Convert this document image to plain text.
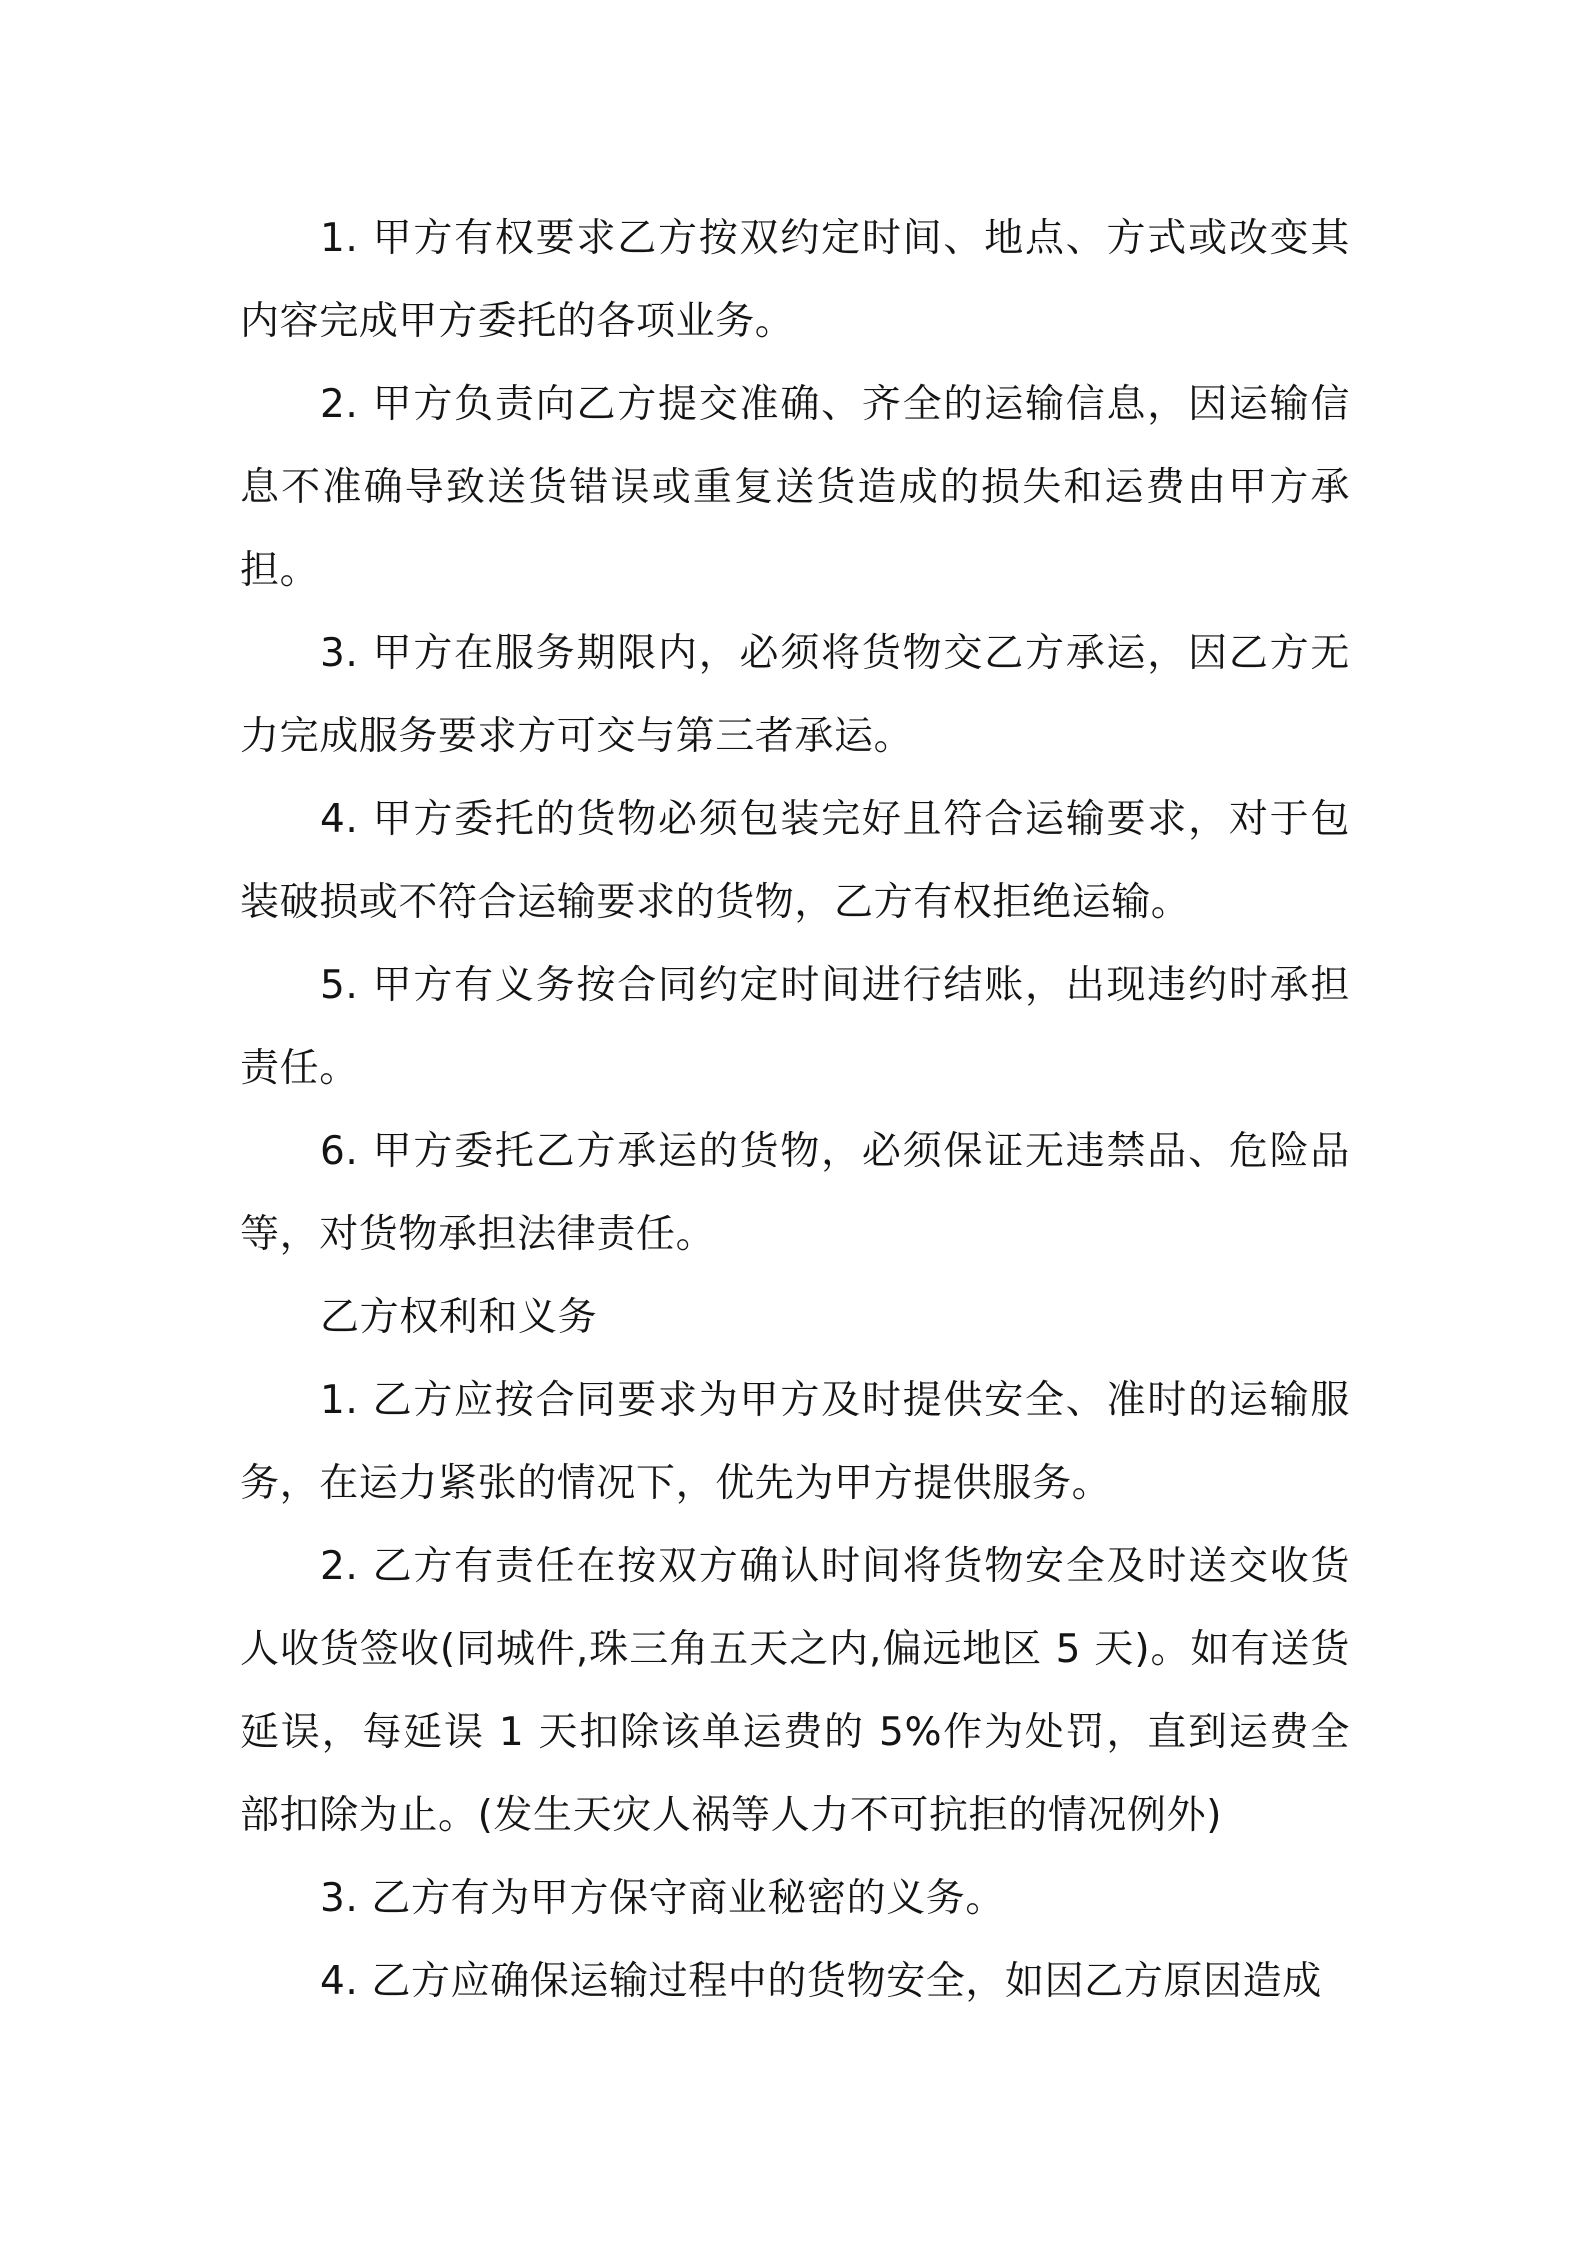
1. 甲方有权要求乙方按双约定时间、地点、方式或改变其内容完成甲方委托的各项业务。

2. 甲方负责向乙方提交准确、齐全的运输信息，因运输信息不准确导致送货错误或重复送货造成的损失和运费由甲方承担。

3. 甲方在服务期限内，必须将货物交乙方承运，因乙方无力完成服务要求方可交与第三者承运。

4. 甲方委托的货物必须包装完好且符合运输要求，对于包装破损或不符合运输要求的货物，乙方有权拒绝运输。

5. 甲方有义务按合同约定时间进行结账，出现违约时承担责任。

6. 甲方委托乙方承运的货物，必须保证无违禁品、危险品等，对货物承担法律责任。

乙方权利和义务

1. 乙方应按合同要求为甲方及时提供安全、准时的运输服务，在运力紧张的情况下，优先为甲方提供服务。

2. 乙方有责任在按双方确认时间将货物安全及时送交收货人收货签收(同城件,珠三角五天之内,偏远地区 5 天)。如有送货延误，每延误 1 天扣除该单运费的 5%作为处罚，直到运费全部扣除为止。(发生天灾人祸等人力不可抗拒的情况例外)

3. 乙方有为甲方保守商业秘密的义务。

4. 乙方应确保运输过程中的货物安全，如因乙方原因造成
